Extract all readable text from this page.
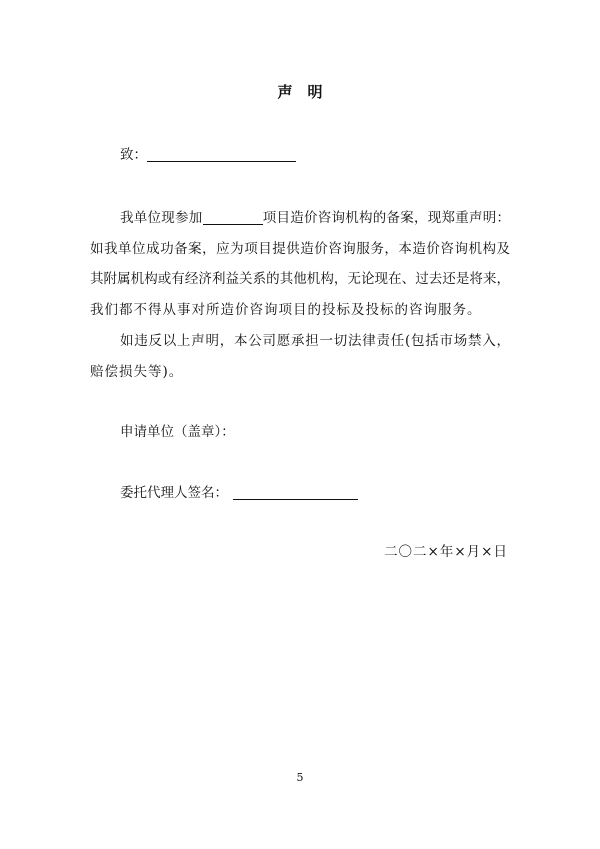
声　明
致：
我单位现参加	项目造价咨询机构的备案，现郑重声明：
如我单位成功备案，应为项目提供造价咨询服务，本造价咨询机构及
其附属机构或有经济利益关系的其他机构，无论现在、过去还是将来，
我们都不得从事对所造价咨询项目的投标及投标的咨询服务。
如违反以上声明，本公司愿承担一切法律责任(包括市场禁入，
赔偿损失等)。
申请单位（盖章）：
委托代理人签名：
二〇二×年×月×日
5
